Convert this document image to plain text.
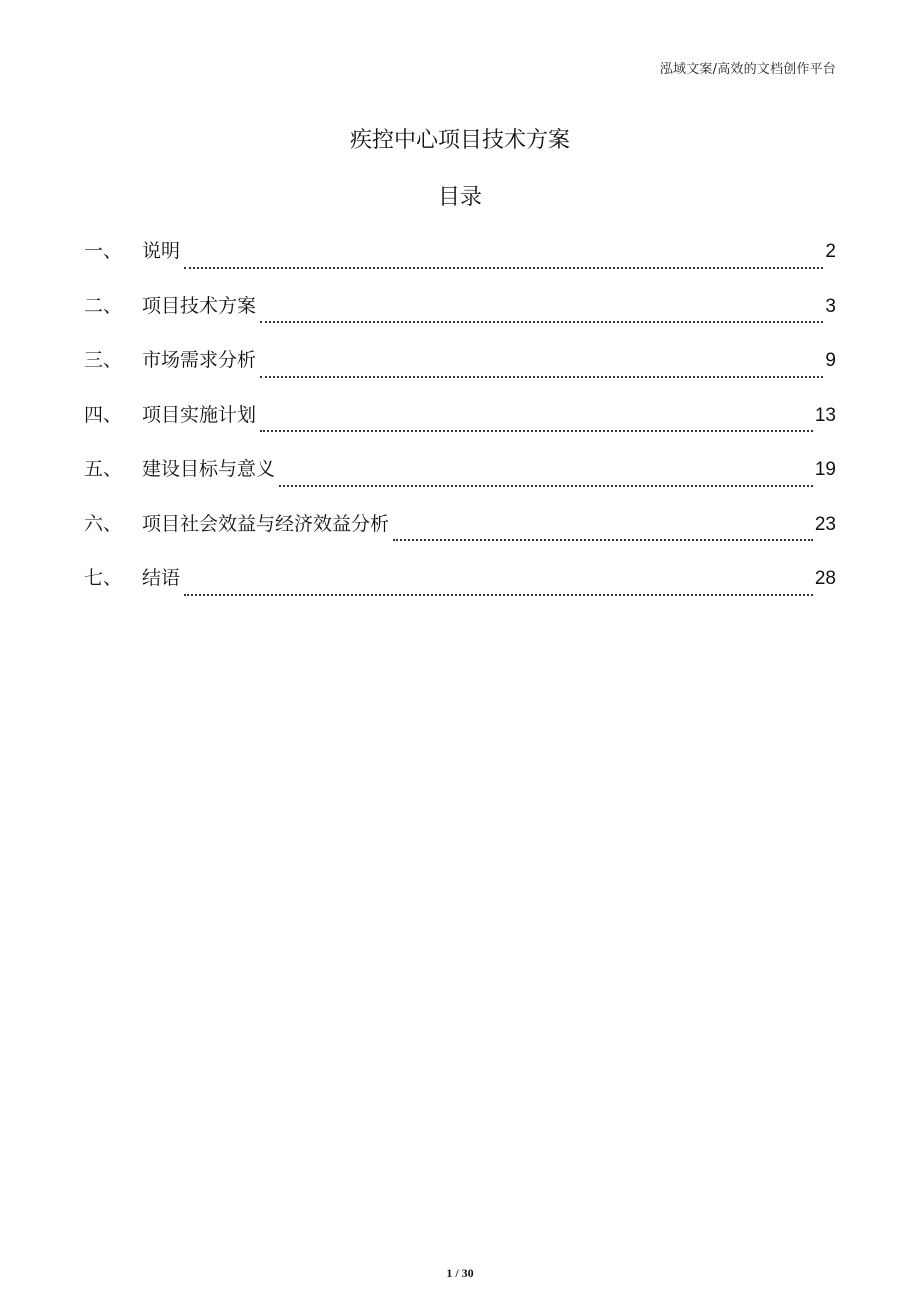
泓域文案/高效的文档创作平台
疾控中心项目技术方案
目录
一、	说明	2
二、	项目技术方案	3
三、	市场需求分析	9
四、	项目实施计划	13
五、	建设目标与意义	19
六、	项目社会效益与经济效益分析	23
七、	结语	28
1 / 30
